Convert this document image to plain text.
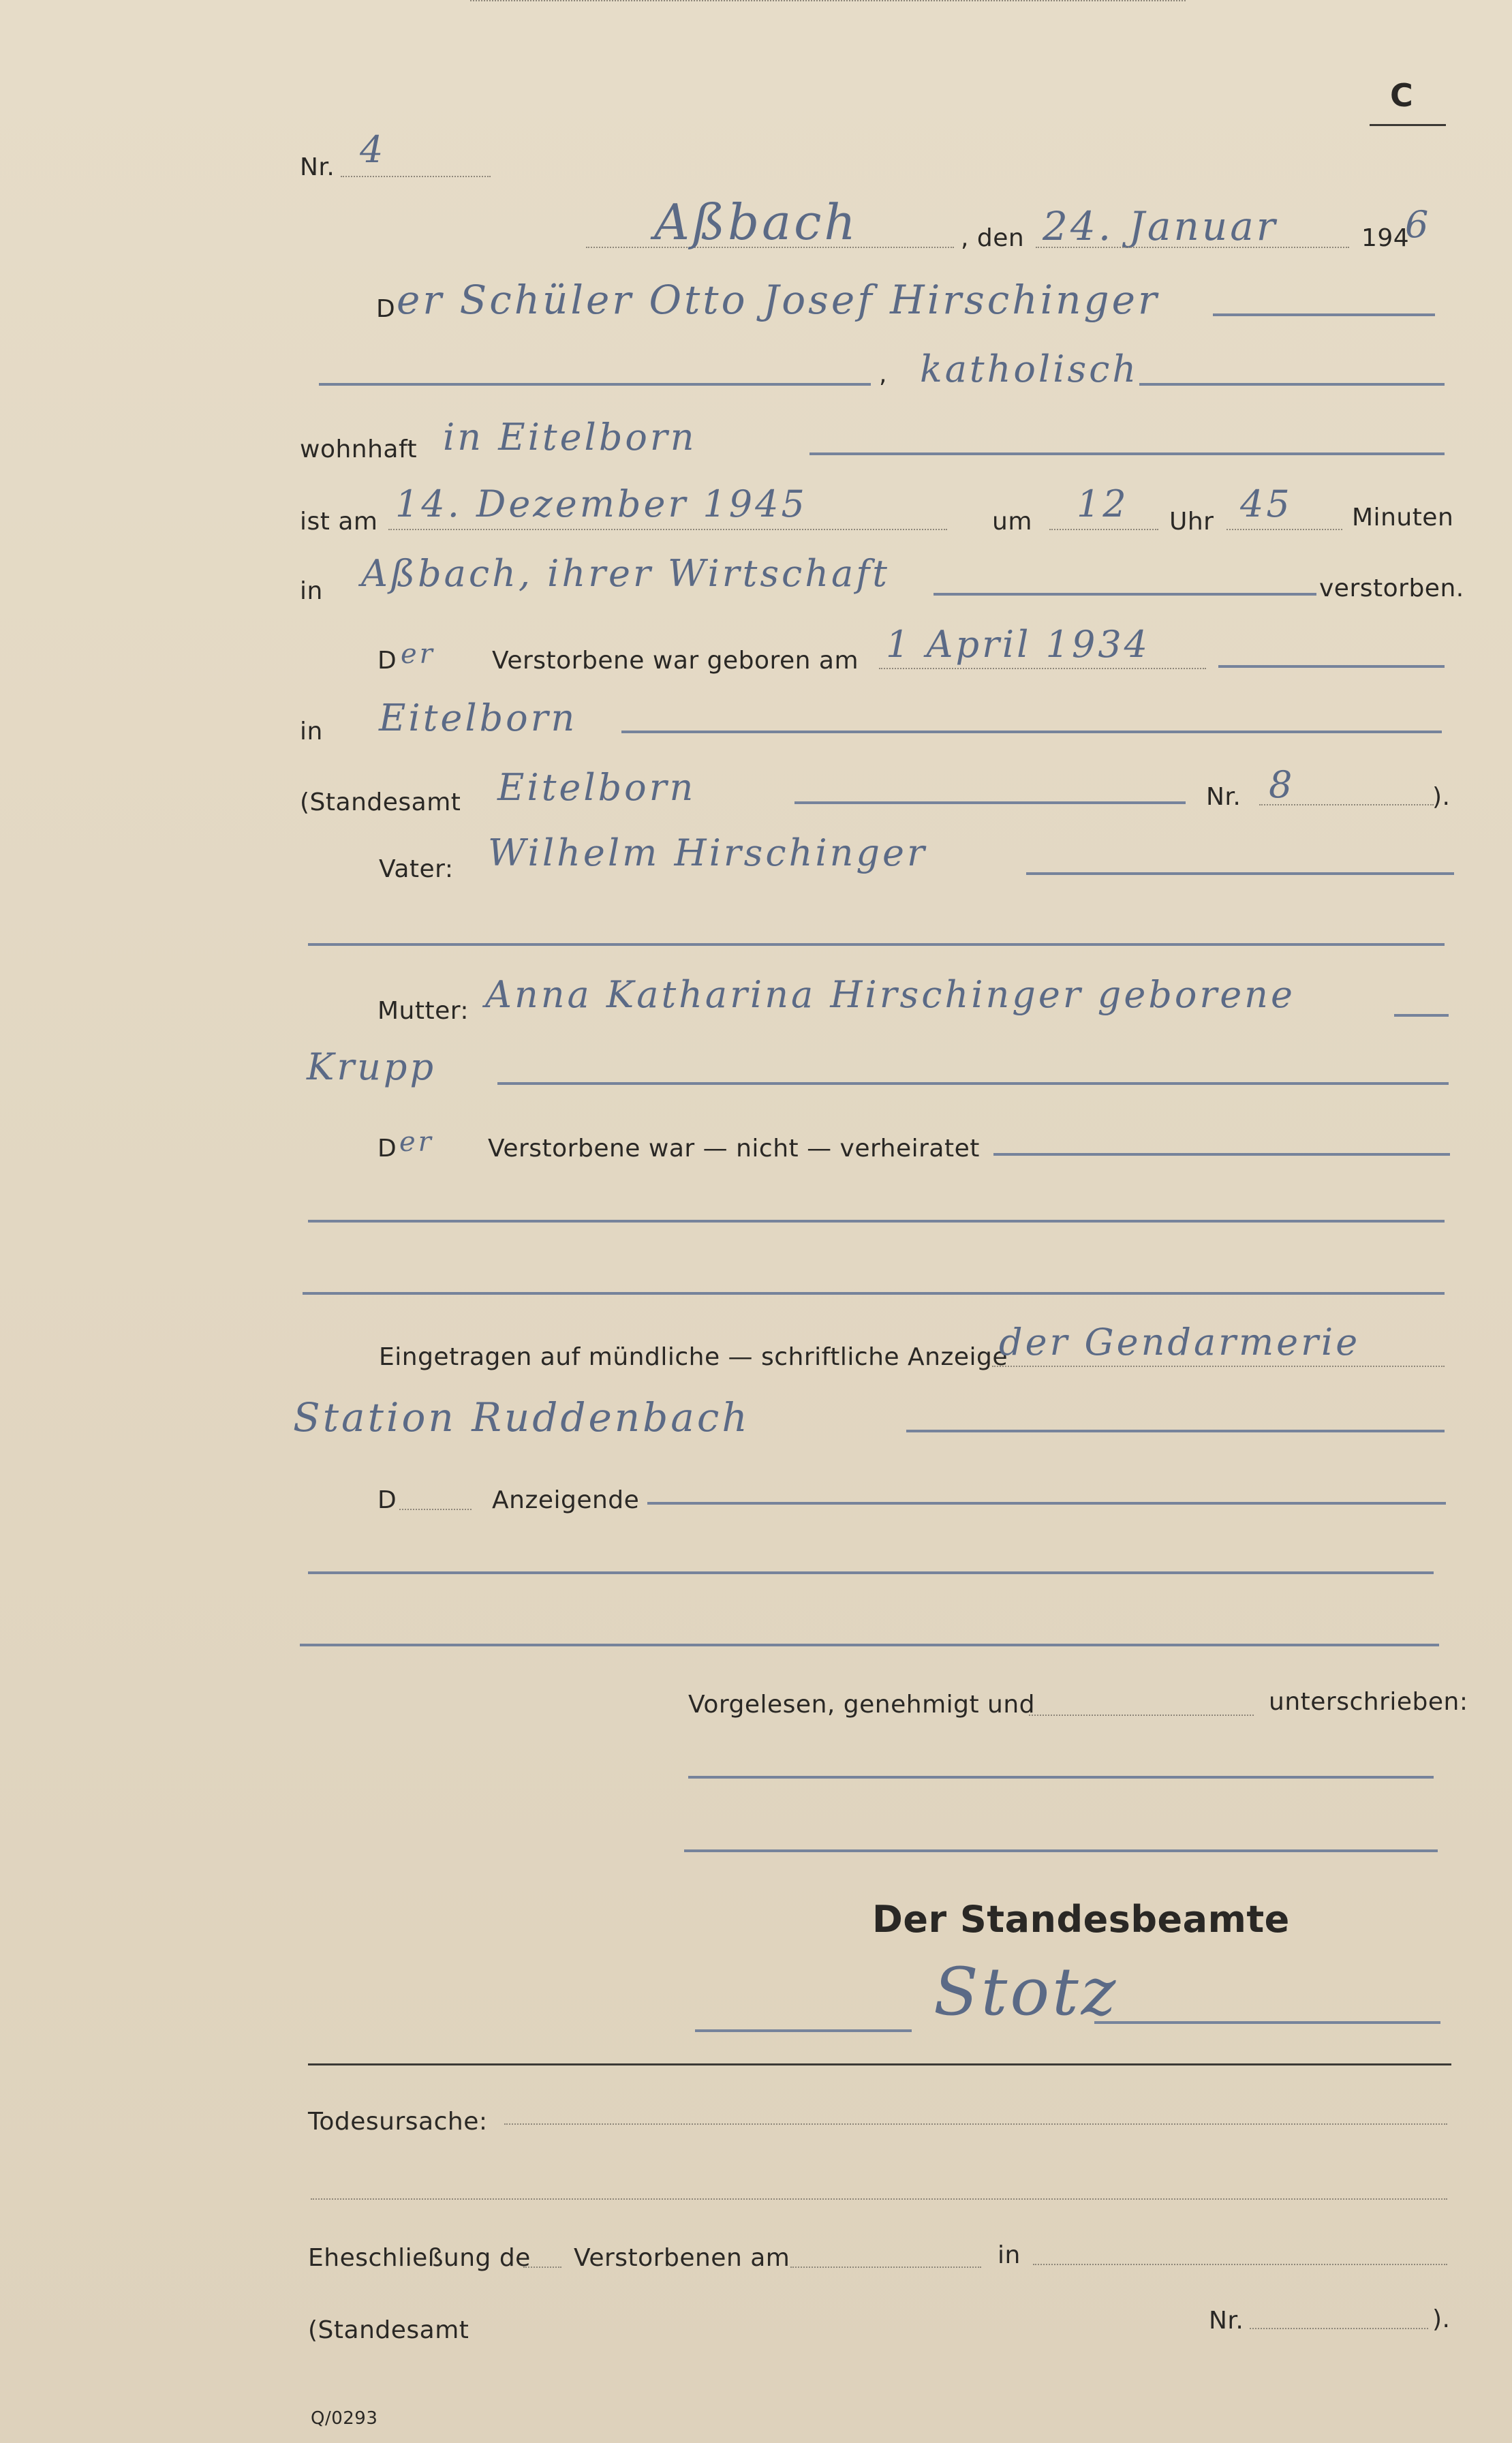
C
Nr. 4
Aßbach	, den 24. Januar	194
6
D er Schüler Otto Josef Hirschinger
, katholisch
wohnhaft in Eitelborn
ist am 14. Dezember 1945	um 12 Uhr 45 Minuten
in Aßbach, ihrer Wirtschaft	verstorben.
D er Verstorbene war geboren am 1 April 1934
in Eitelborn
(Standesamt Eitelborn	Nr. 8	).
Vater: Wilhelm Hirschinger
Mutter: Anna Katharina Hirschinger geborene
Krupp
D er Verstorbene war — nicht — verheiratet
Eingetragen auf mündliche — schriftliche Anzeige
der Gendarmerie
Station Ruddenbach
D	Anzeigende
Vorgelesen, genehmigt und	unterschrieben:
Der Standesbeamte
Stotz
Todesursache:
Eheschließung de Verstorbenen am	in
(Standesamt	Nr.	).
Q/0293
